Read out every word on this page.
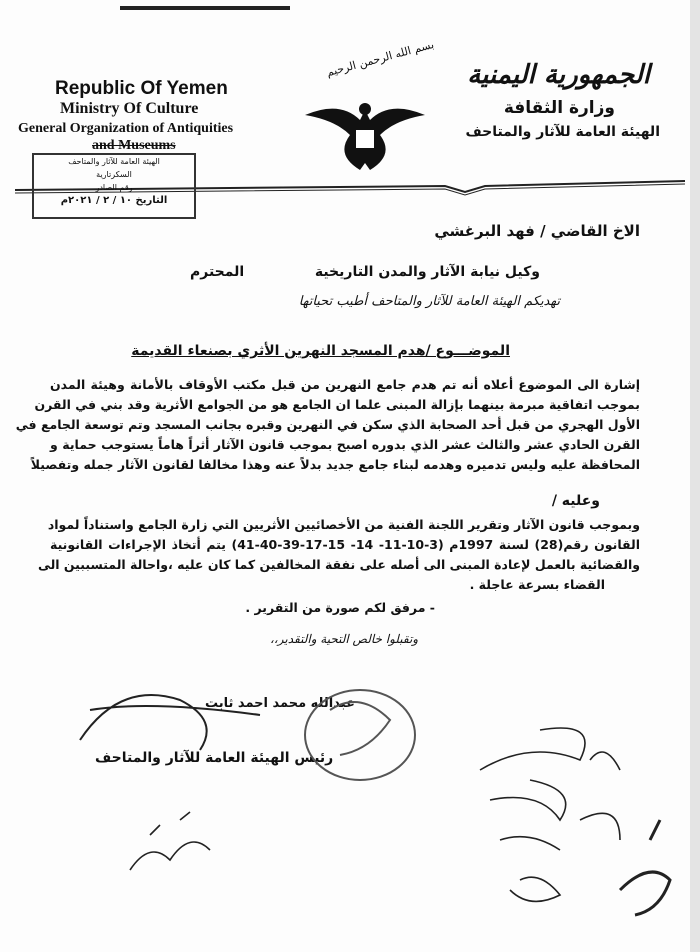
Republic Of Yemen
Ministry Of Culture
General Organization of Antiquities
and Museums
بسم الله الرحمن الرحيم الجمهورية اليمنية
وزارة الثقافة
الهيئة العامة للآثار والمتاحف
الهيئة العامة للآثار والمتاحف
السكرتارية
رقم الصادر
التاريخ ١٠ / ٢ / ٢٠٢١م
الاخ القاضي / فهد البرغشي
وكيل نيابة الآثار والمدن التاريخية
المحترم
تهديكم الهيئة العامة للآثار والمتاحف أطيب تحياتها
الموضـــوع /هدم المسجد النهرين الأثري بصنعاء القديمة
إشارة الى الموضوع أعلاه أنه تم هدم جامع النهرين من قبل مكتب الأوقاف بالأمانة وهيئة المدن
بموجب اتفاقية مبرمة بينهما بإزالة المبنى علما ان الجامع هو من الجوامع الأثرية وقد بني في القرن
الأول الهجري من قبل أحد الصحابة الذي سكن في النهرين وقبره بجانب المسجد وتم توسعة الجامع في
القرن الحادي عشر والثالث عشر الذي بدوره اصبح بموجب قانون الآثار أثراً هاماً يستوجب حماية و
المحافظة عليه وليس تدميره وهدمه لبناء جامع جديد بدلاً عنه وهذا مخالفا لقانون الآثار جمله وتفصيلاً
وعليه /
وبموجب قانون الآثار وتقرير اللجنة الفنية من الأخصائيين الأثريين التي زارة الجامع واستناداً لمواد
القانون رقم(28) لسنة 1997م (3-10-11- 14- 15-17-39-40-41) يتم أتخاذ الإجراءات القانونية
والقضائية بالعمل لإعادة المبنى الى أصله على نفقة المخالفين كما كان عليه ،واحالة المتسببين الى
القضاء بسرعة عاجلة .
- مرفق لكم صورة من التقرير .
وتقبلوا خالص التحية والتقدير،،
عبدالله محمد احمد ثابت
رئيس الهيئة العامة للآثار والمتاحف
